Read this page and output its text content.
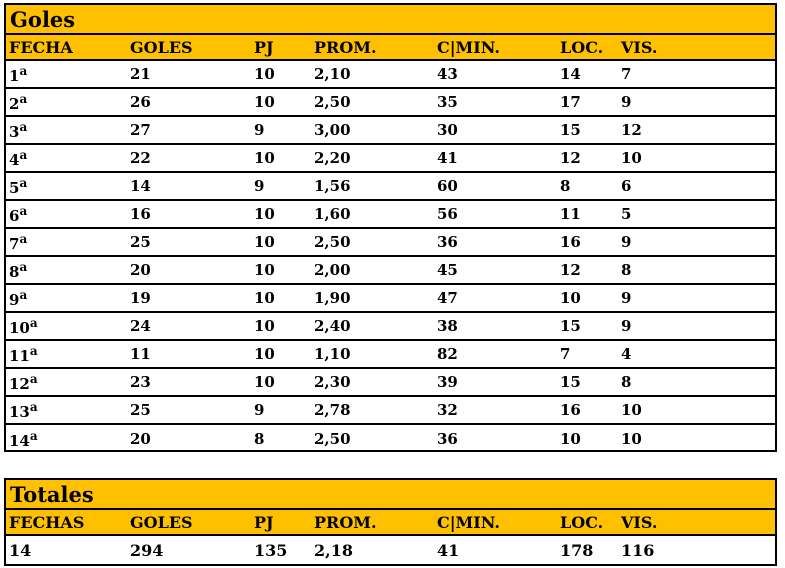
Goles
FECHA	GOLES	PJ	PROM.	C|MIN.	LOC.	VIS.
1$^a$	21	10	2,10	43	14	7
2$^a$	26	10	2,50	35	17	9
3$^a$	27	9	3,00	30	15	12
4$^a$	22	10	2,20	41	12	10
5$^a$	14	9	1,56	60	8	6
6$^a$	16	10	1,60	56	11	5
7$^a$	25	10	2,50	36	16	9
8$^a$	20	10	2,00	45	12	8
9$^a$	19	10	1,90	47	10	9
10$^a$	24	10	2,40	38	15	9
11$^a$	11	10	1,10	82	7	4
12$^a$	23	10	2,30	39	15	8
13$^a$	25	9	2,78	32	16	10
14$^a$	20	8	2,50	36	10	10
Totales
FECHAS	GOLES	PJ	PROM.	C|MIN.	LOC.	VIS.
14	294	135	2,18	41	178	116
